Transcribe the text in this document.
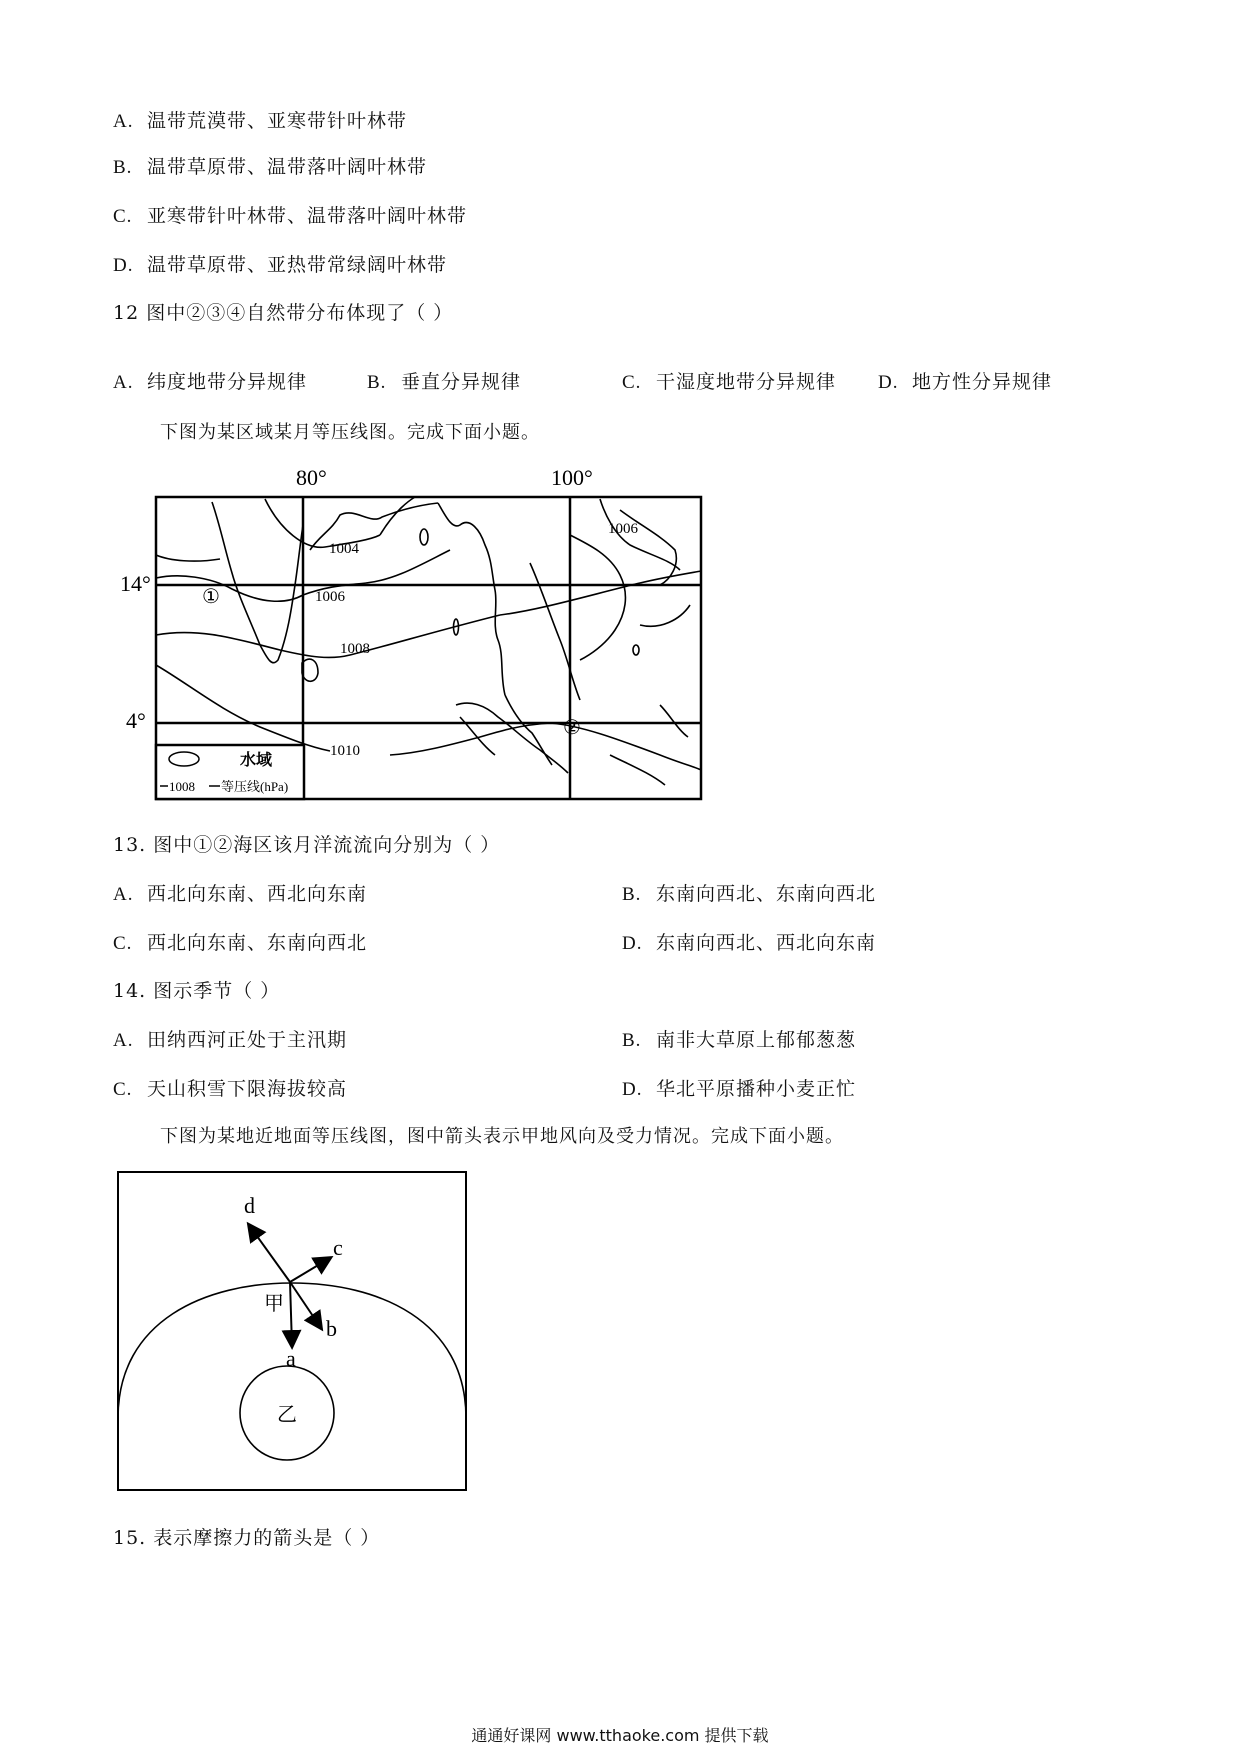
A. 温带荒漠带、亚寒带针叶林带
B. 温带草原带、温带落叶阔叶林带
C. 亚寒带针叶林带、温带落叶阔叶林带
D. 温带草原带、亚热带常绿阔叶林带
12 图中②③④自然带分布体现了（ ）
A. 纬度地带分异规律	B. 垂直分异规律	C. 干湿度地带分异规律 D. 地方性分异规律
下图为某区域某月等压线图。完成下面小题。
80°	100°
14°
4°
1004
1006
1008
1010
1006
①
②
水域
1008 等压线(hPa)
13. 图中①②海区该月洋流流向分别为（ ）
A. 西北向东南、西北向东南	B. 东南向西北、东南向西北
C. 西北向东南、东南向西北	D. 东南向西北、西北向东南
14. 图示季节（ ）
A. 田纳西河正处于主汛期	B. 南非大草原上郁郁葱葱
C. 天山积雪下限海拔较高	D. 华北平原播种小麦正忙
下图为某地近地面等压线图，图中箭头表示甲地风向及受力情况。完成下面小题。
d
c
b
a
甲
乙
15. 表示摩擦力的箭头是（ ）
通通好课网 www.tthaoke.com 提供下载
